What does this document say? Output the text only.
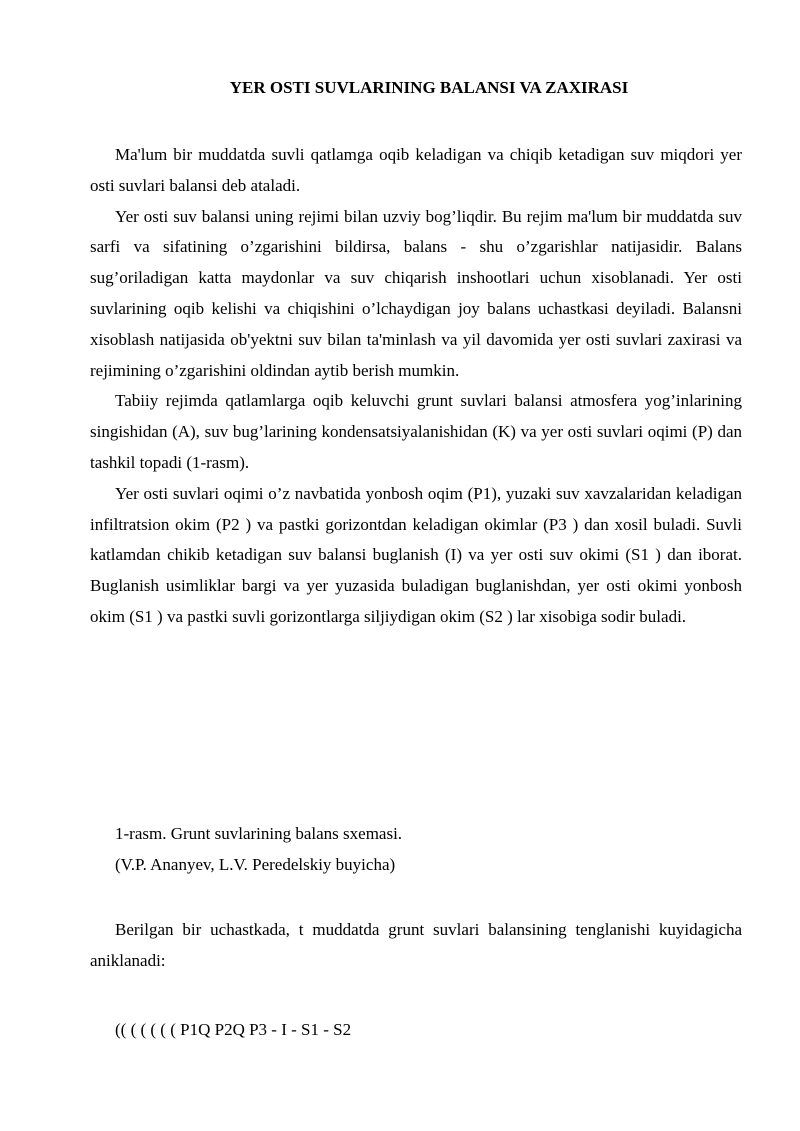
YER OSTI SUVLARINING BALANSI VA ZAXIRASI

Ma'lum bir muddatda suvli qatlamga oqib keladigan va chiqib ketadigan suv miqdori yer osti suvlari balansi deb ataladi.

Yer osti suv balansi uning rejimi bilan uzviy bog’liqdir. Bu rejim ma'lum bir muddatda suv sarfi va sifatining o’zgarishini bildirsa, balans - shu o’zgarishlar natijasidir. Balans sug’oriladigan katta maydonlar va suv chiqarish inshootlari uchun xisoblanadi. Yer osti suvlarining oqib kelishi va chiqishini o’lchaydigan joy balans uchastkasi deyiladi. Balansni xisoblash natijasida ob'yektni suv bilan ta'minlash va yil davomida yer osti suvlari zaxirasi va rejimining o’zgarishini oldindan aytib berish mumkin.

Tabiiy rejimda qatlamlarga oqib keluvchi grunt suvlari balansi atmosfera yog’inlarining singishidan (A), suv bug’larining kondensatsiyalanishidan (K) va yer osti suvlari oqimi (P) dan tashkil topadi (1-rasm).

Yer osti suvlari oqimi o’z navbatida yonbosh oqim (P1), yuzaki suv xavzalaridan keladigan infiltratsion okim (P2 ) va pastki gorizontdan keladigan okimlar (P3 ) dan xosil buladi. Suvli katlamdan chikib ketadigan suv balansi buglanish (I) va yer osti suv okimi (S1 ) dan iborat. Buglanish usimliklar bargi va yer yuzasida buladigan buglanishdan, yer osti okimi yonbosh okim (S1 ) va pastki suvli gorizontlarga siljiydigan okim (S2 ) lar xisobiga sodir buladi.

1-rasm. Grunt suvlarining balans sxemasi.

(V.P. Ananyev, L.V. Peredelskiy buyicha)

Berilgan bir uchastkada, t muddatda grunt suvlari balansining tenglanishi kuyidagicha aniklanadi:

(( ( ( ( ( ( P1Q P2Q P3 - I - S1 - S2
